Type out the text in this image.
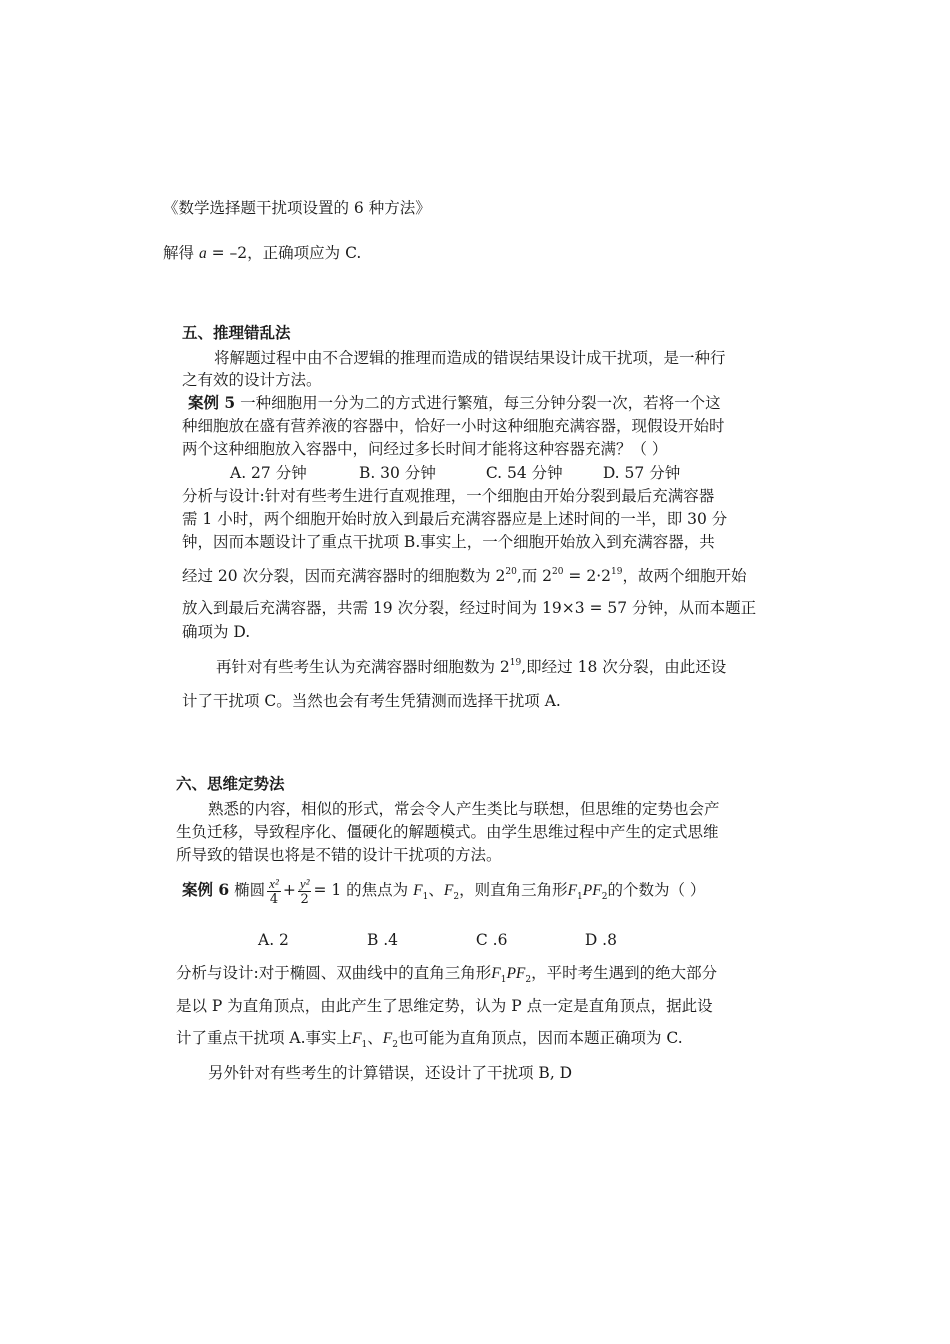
《数学选择题干扰项设置的 6 种方法》
解得 a = –2，正确项应为 C.
五、推理错乱法
将解题过程中由不合逻辑的推理而造成的错误结果设计成干扰项，是一种行
之有效的设计方法。
案例 5 一种细胞用一分为二的方式进行繁殖，每三分钟分裂一次，若将一个这
种细胞放在盛有营养液的容器中，恰好一小时这种细胞充满容器，现假设开始时
两个这种细胞放入容器中，问经过多长时间才能将这种容器充满？（ ）
A. 27 分钟	B. 30 分钟	C. 54 分钟	D. 57 分钟
分析与设计:针对有些考生进行直观推理，一个细胞由开始分裂到最后充满容器
需 1 小时，两个细胞开始时放入到最后充满容器应是上述时间的一半，即 30 分
钟，因而本题设计了重点干扰项 B.事实上，一个细胞开始放入到充满容器，共
经过 20 次分裂，因而充满容器时的细胞数为 $2^{20}$,而 $2^{20} = 2\cdot 2^{19}$，故两个细胞开始
放入到最后充满容器，共需 19 次分裂，经过时间为 19×3 = 57 分钟，从而本题正
确项为 D.
再针对有些考生认为充满容器时细胞数为 $2^{19}$,即经过 18 次分裂，由此还设
计了干扰项 C。当然也会有考生凭猜测而选择干扰项 A.
六、思维定势法
熟悉的内容，相似的形式，常会令人产生类比与联想，但思维的定势也会产
生负迁移，导致程序化、僵硬化的解题模式。由学生思维过程中产生的定式思维
所导致的错误也将是不错的设计干扰项的方法。
案例 6 椭圆 $\frac{\text{x²}}{4} + \frac{\text{y²}}{2} = 1$ 的焦点为 $F_1$、$F_2$，则直角三角形$F_1PF_2$的个数为（ ）
A. 2	B .4	C .6	D .8
分析与设计:对于椭圆、双曲线中的直角三角形$F_1PF_2$，平时考生遇到的绝大部分
是以 P 为直角顶点，由此产生了思维定势，认为 P 点一定是直角顶点，据此设
计了重点干扰项 A.事实上$F_1$、$F_2$也可能为直角顶点，因而本题正确项为 C.
另外针对有些考生的计算错误，还设计了干扰项 B, D
